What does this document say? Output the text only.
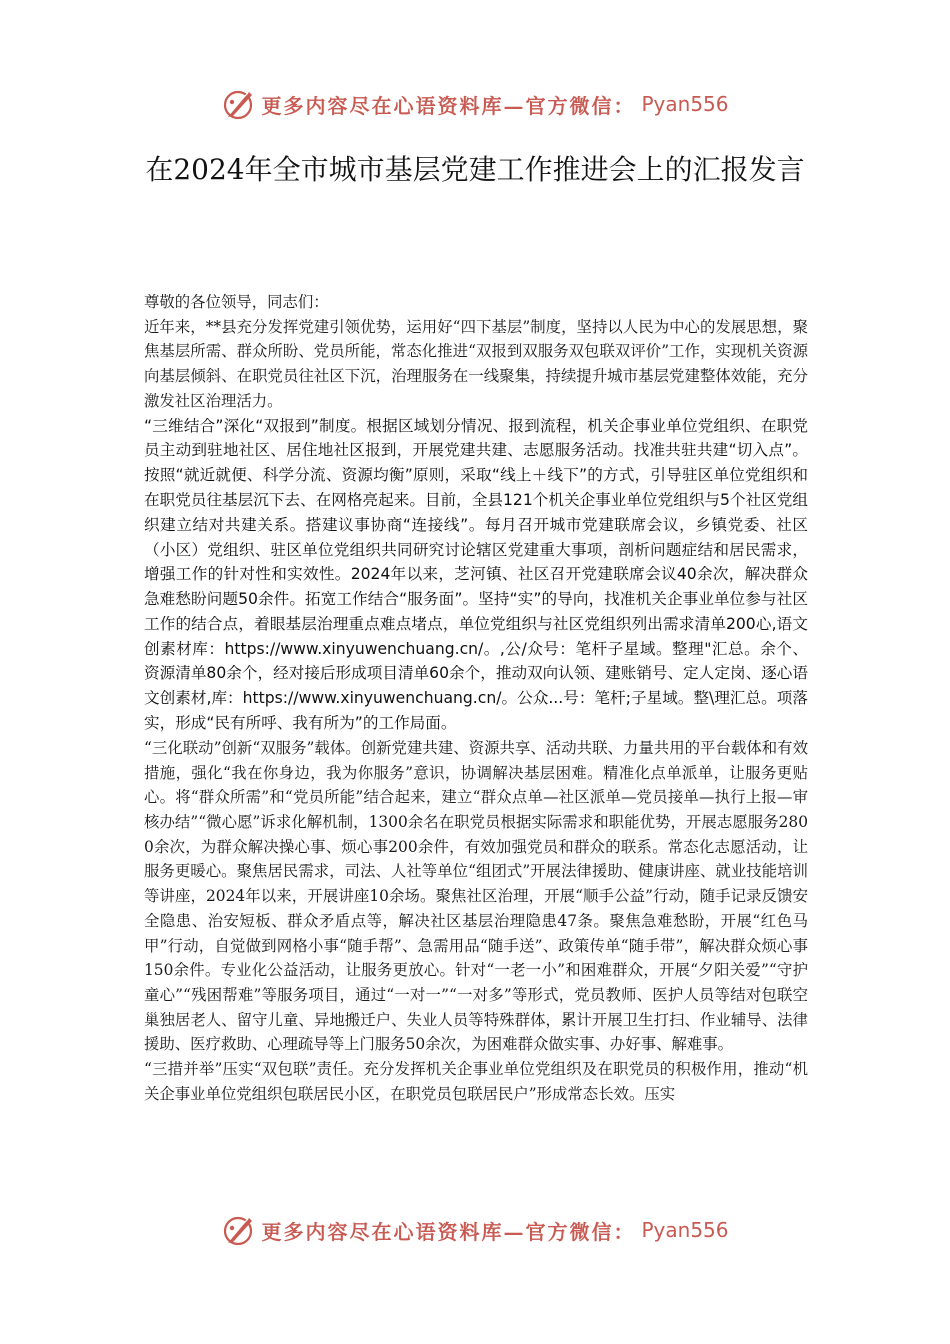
更多内容尽在心语资料库—官方微信： Pyan556
在2024年全市城市基层党建工作推进会上的汇报发言

尊敬的各位领导，同志们：

近年来，**县充分发挥党建引领优势，运用好“四下基层”制度，坚持以人民为中心的发展思想，聚焦基层所需、群众所盼、党员所能，常态化推进“双报到双服务双包联双评价”工作，实现机关资源向基层倾斜、在职党员往社区下沉，治理服务在一线聚集，持续提升城市基层党建整体效能，充分激发社区治理活力。

“三维结合”深化“双报到”制度。根据区域划分情况、报到流程，机关企事业单位党组织、在职党员主动到驻地社区、居住地社区报到，开展党建共建、志愿服务活动。找准共驻共建“切入点”。按照“就近就便、科学分流、资源均衡”原则，采取“线上＋线下”的方式，引导驻区单位党组织和在职党员往基层沉下去、在网格亮起来。目前，全县121个机关企事业单位党组织与5个社区党组织建立结对共建关系。搭建议事协商“连接线”。每月召开城市党建联席会议，乡镇党委、社区（小区）党组织、驻区单位党组织共同研究讨论辖区党建重大事项，剖析问题症结和居民需求，增强工作的针对性和实效性。2024年以来，芝河镇、社区召开党建联席会议40余次，解决群众急难愁盼问题50余件。拓宽工作结合“服务面”。坚持“实”的导向，找准机关企事业单位参与社区工作的结合点，着眼基层治理重点难点堵点，单位党组织与社区党组织列出需求清单200心,语文创素材库：https://www.xinyuwenchuang.cn/。,公/众号：笔杆子星域。整理"汇总。余个、资源清单80余个，经对接后形成项目清单60余个，推动双向认领、建账销号、定人定岗、逐心语文创素材,库：https://www.xinyuwenchuang.cn/。公众...号：笔杆;子星域。整\理汇总。项落实，形成“民有所呼、我有所为”的工作局面。

“三化联动”创新“双服务”载体。创新党建共建、资源共享、活动共联、力量共用的平台载体和有效措施，强化“我在你身边，我为你服务”意识，协调解决基层困难。精准化点单派单，让服务更贴心。将“群众所需”和“党员所能”结合起来，建立“群众点单—社区派单—党员接单—执行上报—审核办结”“微心愿”诉求化解机制，1300余名在职党员根据实际需求和职能优势，开展志愿服务2800余次，为群众解决操心事、烦心事200余件，有效加强党员和群众的联系。常态化志愿活动，让服务更暖心。聚焦居民需求，司法、人社等单位“组团式”开展法律援助、健康讲座、就业技能培训等讲座，2024年以来，开展讲座10余场。聚焦社区治理，开展“顺手公益”行动，随手记录反馈安全隐患、治安短板、群众矛盾点等，解决社区基层治理隐患47条。聚焦急难愁盼，开展“红色马甲”行动，自觉做到网格小事“随手帮”、急需用品“随手送”、政策传单“随手带”，解决群众烦心事150余件。专业化公益活动，让服务更放心。针对“一老一小”和困难群众，开展“夕阳关爱”“守护童心”“残困帮难”等服务项目，通过“一对一”“一对多”等形式，党员教师、医护人员等结对包联空巢独居老人、留守儿童、异地搬迁户、失业人员等特殊群体，累计开展卫生打扫、作业辅导、法律援助、医疗救助、心理疏导等上门服务50余次，为困难群众做实事、办好事、解难事。

“三措并举”压实“双包联”责任。充分发挥机关企事业单位党组织及在职党员的积极作用，推动“机关企事业单位党组织包联居民小区，在职党员包联居民户”形成常态长效。压实

更多内容尽在心语资料库—官方微信： Pyan556
